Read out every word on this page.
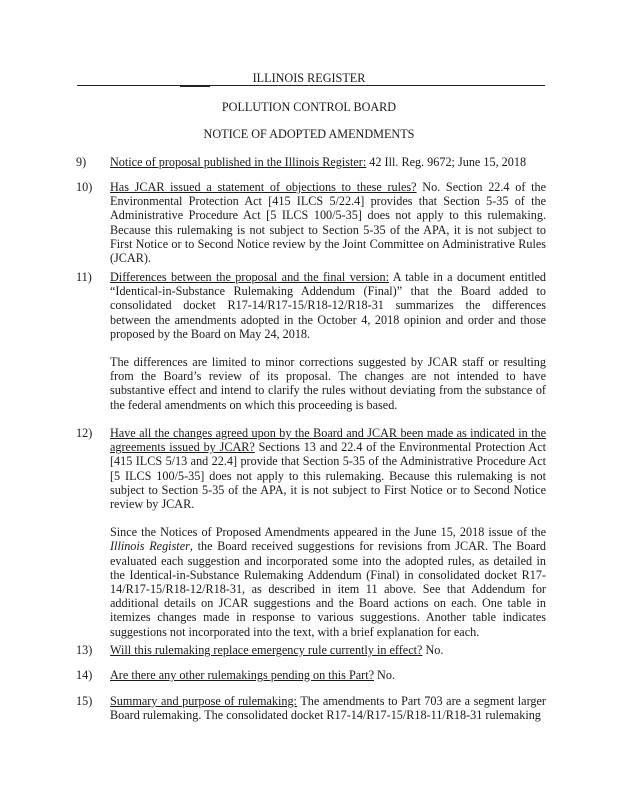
ILLINOIS REGISTER
POLLUTION CONTROL BOARD
NOTICE OF ADOPTED AMENDMENTS
9)	Notice of proposal published in the Illinois Register: 42 Ill. Reg. 9672; June 15, 2018

10)	Has JCAR issued a statement of objections to these rules? No. Section 22.4 of the Environmental Protection Act [415 ILCS 5/22.4] provides that Section 5-35 of the Administrative Procedure Act [5 ILCS 100/5-35] does not apply to this rulemaking. Because this rulemaking is not subject to Section 5-35 of the APA, it is not subject to First Notice or to Second Notice review by the Joint Committee on Administrative Rules (JCAR).

11)	Differences between the proposal and the final version: A table in a document entitled “Identical-in-Substance Rulemaking Addendum (Final)” that the Board added to consolidated docket R17-14/R17-15/R18-12/R18-31 summarizes the differences between the amendments adopted in the October 4, 2018 opinion and order and those proposed by the Board on May 24, 2018.

The differences are limited to minor corrections suggested by JCAR staff or resulting from the Board’s review of its proposal. The changes are not intended to have substantive effect and intend to clarify the rules without deviating from the substance of the federal amendments on which this proceeding is based.

12)	Have all the changes agreed upon by the Board and JCAR been made as indicated in the agreements issued by JCAR? Sections 13 and 22.4 of the Environmental Protection Act [415 ILCS 5/13 and 22.4] provide that Section 5-35 of the Administrative Procedure Act [5 ILCS 100/5-35] does not apply to this rulemaking. Because this rulemaking is not subject to Section 5-35 of the APA, it is not subject to First Notice or to Second Notice review by JCAR.

Since the Notices of Proposed Amendments appeared in the June 15, 2018 issue of the Illinois Register, the Board received suggestions for revisions from JCAR. The Board evaluated each suggestion and incorporated some into the adopted rules, as detailed in the Identical-in-Substance Rulemaking Addendum (Final) in consolidated docket R17-14/R17-15/R18-12/R18-31, as described in item 11 above. See that Addendum for additional details on JCAR suggestions and the Board actions on each. One table in itemizes changes made in response to various suggestions. Another table indicates suggestions not incorporated into the text, with a brief explanation for each.

13)	Will this rulemaking replace emergency rule currently in effect? No.

14)	Are there any other rulemakings pending on this Part? No.

15)	Summary and purpose of rulemaking: The amendments to Part 703 are a segment larger Board rulemaking. The consolidated docket R17-14/R17-15/R18-11/R18-31 rulemaking
